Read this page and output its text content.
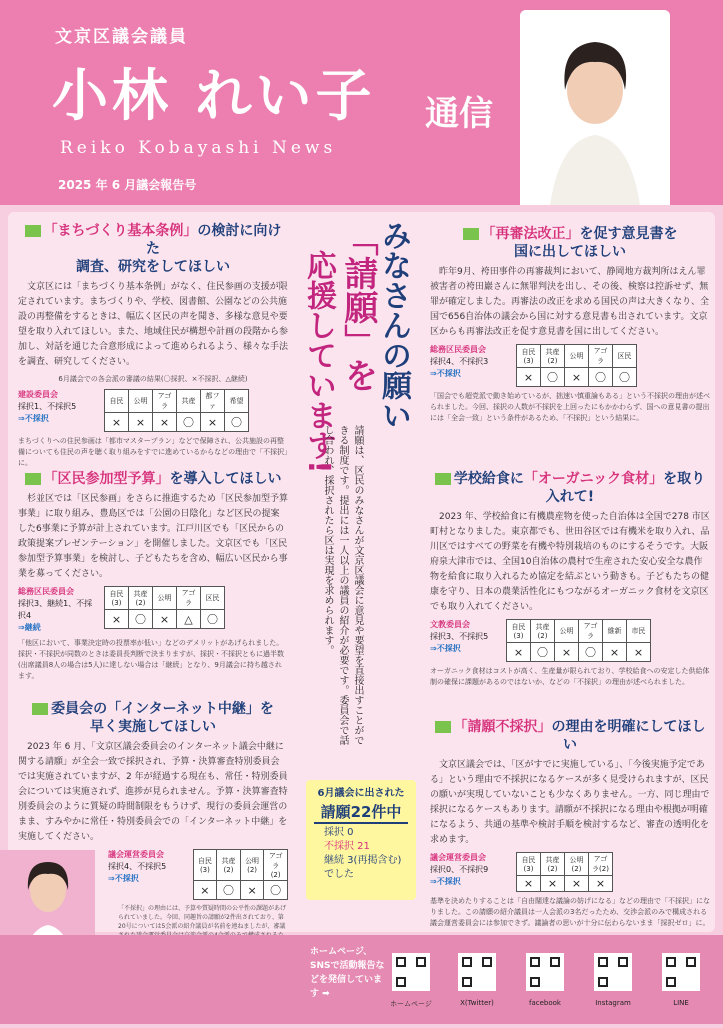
文京区議会議員
小林 れい子 通信
Reiko Kobayashi News
2025 年 6 月議会報告号
「まちづくり基本条例」の検討に向けた
調査、研究をしてほしい
文京区には「まちづくり基本条例」がなく、住民参画の支援が限定されています。まちづくりや、学校、図書館、公園などの公共施設の再整備をするときは、幅広く区民の声を聞き、多様な意見や要望を取り入れてほしい。また、地域住民が構想や計画の段階から参加し、対話を通じた合意形成によって進められるよう、様々な手法を調査、研究してください。
6月議会での各会派の審議の結果(〇採択、×不採択、△継続)
建設委員会
採択1、不採択5
⇒不採択
自民	公明	アゴラ	共産	都ファ	希望
×	×	×	〇	×	〇
まちづくりへの住民参画は「都市マスタープラン」などで保障され、公共施設の再整備についても住民の声を聴く取り組みをすでに進めているからなどの理由で「不採択」に。
「区民参加型予算」を導入してほしい
杉並区では「区民参画」をさらに推進するため「区民参加型予算事業」に取り組み、豊島区では「公園の日陰化」など区民の提案した6事業に予算が計上されています。江戸川区でも「区民からの政策提案プレゼンテーション」を開催しました。文京区でも「区民参加型予算事業」を検討し、子どもたちを含め、幅広い区民から事業を募ってください。
総務区民委員会
採択3、継続1、不採択4
⇒継続
自民(3)	共産(2)	公明	アゴラ	区民
×	〇	×	△	〇
「他区において、事業決定時の投票率が低い」などのデメリットがあげられました。採択・不採択が同数のときは委員長判断で決まりますが、採択・不採択ともに過半数(出席議員8人の場合は5人)に達しない場合は「継続」となり、9月議会に持ち越されます。
委員会の「インターネット中継」を
早く実施してほしい
2023 年 6 月、「文京区議会委員会のインターネット議会中継に関する請願」が全会一致で採択され、予算・決算審査特別委員会では実施されていますが、2 年が経過する現在も、常任・特別委員会については実施されず、進捗が見られません。予算・決算審査特別委員会のように質疑の時間制限をもうけず、現行の委員会運営のまま、すみやかに常任・特別委員会での「インターネット中継」を実施してください。
議会運営委員会
採択4、不採択5
⇒不採択
自民(3)	共産(2)	公明(2)	アゴラ(2)
×	〇	×	〇
「不採択」の理由には、予算や質疑時間の公平性の課題があげられていました。今回、同趣旨の請願が2件出されており、第20号については5会派の紹介議員が名前を連ねましたが、審議
みなさんの願い
「請願」を
応援しています!
請願は、区民のみなさんが文京区議会に意見や要望を直接出すことができる制度です。提出には一人以上の議員の紹介が必要です。委員会で話し合われ、採択されたら区は実現を求められます。
6月議会に出された
請願22件中
採択 0
不採択 21
継続 3(再掲含む)
でした
「再審法改正」を促す意見書を
国に出してほしい
昨年9月、袴田事件の再審裁判において、静岡地方裁判所はえん罪被害者の袴田巖さんに無罪判決を出し、その後、検察は控訴せず、無罪が確定しました。再審法の改正を求める国民の声は大きくなり、全国で656自治体の議会から国に対する意見書も出されています。文京区からも再審法改正を促す意見書を国に出してください。
総務区民委員会
採択4、不採択3
⇒不採択
自民(3)	共産(2)	公明	アゴラ	区民
×	〇	×	〇	〇
「国会でも超党派で動き始めているが、拙速い慎重論もある」という不採択の理由が述べられました。今回、採択の人数が不採択を上回ったにもかかわらず、国への意見書の提出には「全会一致」という条件があるため、「不採択」という結果に。
学校給食に「オーガニック食材」を取り入れて!
2023 年、学校給食に有機農産物を使った自治体は全国で278 市区町村となりました。東京都でも、世田谷区では有機米を取り入れ、品川区ではすべての野菜を有機や特別栽培のものにするそうです。大阪府泉大津市では、全国10自治体の農村で生産された安心安全な農作物を給食に取り入れるため協定を結ぶという動きも。子どもたちの健康を守り、日本の農業活性化にもつながるオーガニック食材を文京区でも取り入れてください。
文教委員会
採択3、不採択5
⇒不採択
自民(3)	共産(2)	公明	アゴラ	維新	市民
×	〇	×	〇	×	×
オーガニック食材はコストが高く、生産量が限られており、学校給食への安定した供給体制の確保に課題があるのではないか、などの「不採択」の理由が述べられました。
「請願不採択」の理由を明確にしてほしい
文京区議会では、「区がすでに実施している」、「今後実施予定である」という理由で不採択になるケースが多く見受けられますが、区民の願いが実現していないことも少なくありません。一方、同じ理由で採択になるケースもあります。請願が不採択になる理由や根拠が明確になるよう、共通の基準や検討手順を検討するなど、審査の透明化を求めます。
議会運営委員会
採択0、不採択9
⇒不採択
自民(3)	共産(2)	公明(2)	アゴラ(2)
×	×	×	×
基準を決めたりすることは「自由闊達な議論の妨げになる」などの理由で「不採択」になりました。この請願の紹介議員は一人会派の3名だったため、交渉会派のみで構成される議会運営委員会には参加できず。議論者の思いが十分に伝わらないまま「採択ゼロ」に。
ホームページ、SNSで活動報告などを発信しています ➡
ホームページ	X(Twitter)	facebook	Instagram	LINE
